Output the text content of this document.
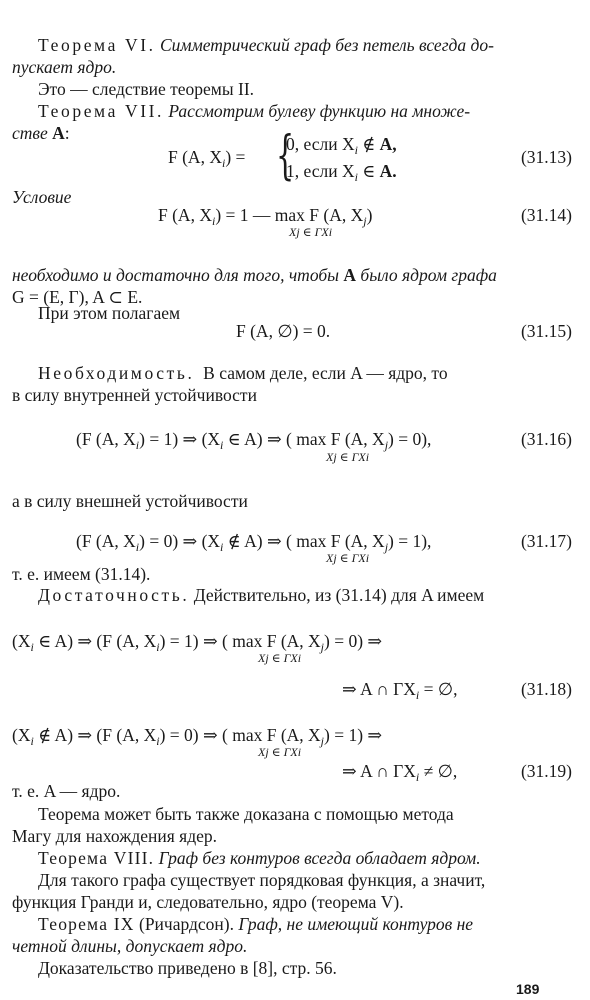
Теорема VI. Симметрический граф без петель всегда до-
пускает ядро.
Это — следствие теоремы II.
Теорема VII. Рассмотрим булеву функцию на множе-
стве A:
F (A, $X_i$) = {
0, если $X_i$ ∉ A,
1, если $X_i$ ∈ A.
(31.13)
Условие
F (A, $X_i) = 1$ — max F (A, $X_j$)
Xj ∈ ΓXi
(31.14)
необходимо и достаточно для того, чтобы A было ядром графа
G = (E, Γ), A ⊂ E.
При этом полагаем
F (A, ∅) = 0.	(31.15)
Необходимость. В самом деле, если A — ядро, то
в силу внутренней устойчивости
(F (A, $X_i) = 1$) ⇒ ($X_i$ ∈ A) ⇒ ( max F (A, $X_j) = 0$),
Xj ∈ ΓXi
(31.16)
а в силу внешней устойчивости
(F (A, $X_i) = 0$) ⇒ ($X_i$ ∉ A) ⇒ ( max F (A, $X_j) = 1$),
Xj ∈ ΓXi
(31.17)
т. е. имеем (31.14).
Достаточность. Действительно, из (31.14) для A имеем
($X_i$ ∈ A) ⇒ (F (A, $X_i) = 1$) ⇒ ( max F (A, $X_j) = 0$) ⇒
Xj ∈ ΓXi
⇒ A ∩ $\Gamma X_i$ = ∅,	(31.18)
($X_i$ ∉ A) ⇒ (F (A, $X_i) = 0$) ⇒ ( max F (A, $X_j) = 1$) ⇒
Xj ∈ ΓXi
⇒ A ∩ $\Gamma X_i$ ≠ ∅,	(31.19)
т. е. A — ядро.
Теорема может быть также доказана с помощью метода
Магу для нахождения ядер.
Теорема VIII. Граф без контуров всегда обладает ядром.
Для такого графа существует порядковая функция, а значит,
функция Гранди и, следовательно, ядро (теорема V).
Теорема IX (Ричардсон). Граф, не имеющий контуров не
четной длины, допускает ядро.
Доказательство приведено в [8], стр. 56.
189
